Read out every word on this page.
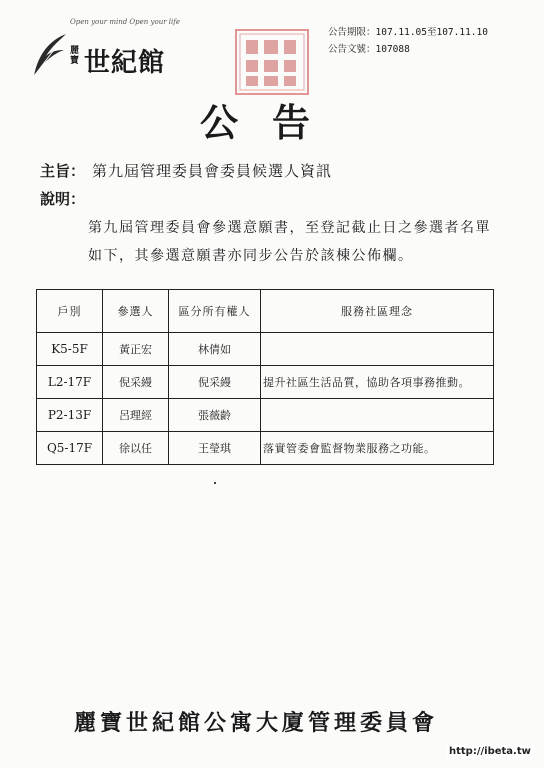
Open your mind Open your life
麗寶 世紀館
公告期限：107.11.05至107.11.10
公告文號：107088
公告
主旨： 第九屆管理委員會委員候選人資訊
說明：
第九屆管理委員會參選意願書，至登記截止日之參選者名單如下，其參選意願書亦同步公告於該棟公佈欄。
戶別	參選人	區分所有權人	服務社區理念
K5-5F	黃正宏	林倩如	
L2-17F	倪采縵	倪采縵	提升社區生活品質，協助各項事務推動。
P2-13F	呂理經	張薇齡	
Q5-17F	徐以任	王瑩琪	落實管委會監督物業服務之功能。
麗寶世紀館公寓大廈管理委員會
http://ibeta.tw
